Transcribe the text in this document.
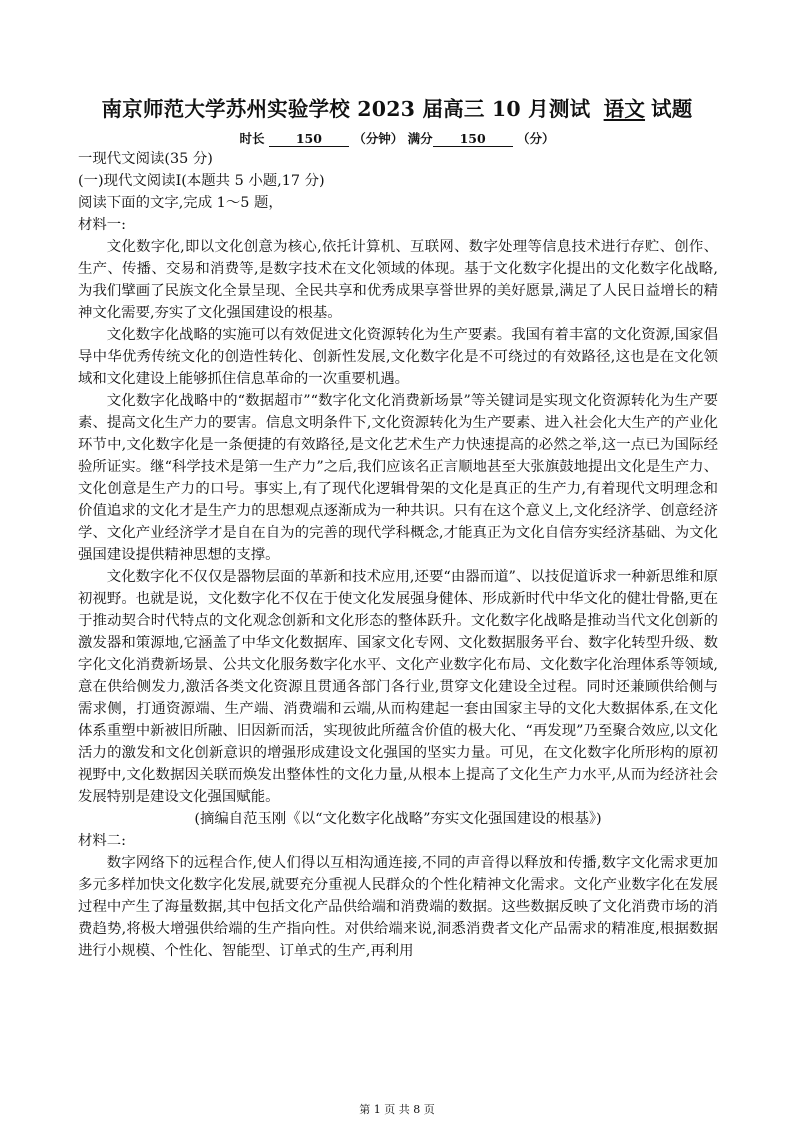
南京师范大学苏州实验学校 2023 届高三 10 月测试 语文 试题
时长	150	（分钟） 满分 150	（分）
一现代文阅读(35 分)
(一)现代文阅读Ⅰ(本题共 5 小题,17 分)
阅读下面的文字,完成 1～5 题，
材料一:

文化数字化,即以文化创意为核心,依托计算机、互联网、数字处理等信息技术进行存贮、创作、生产、传播、交易和消费等,是数字技术在文化领域的体现。基于文化数字化提出的文化数字化战略,为我们擘画了民族文化全景呈现、全民共享和优秀成果享誉世界的美好愿景,满足了人民日益增长的精神文化需要,夯实了文化强国建设的根基。

文化数字化战略的实施可以有效促进文化资源转化为生产要素。我国有着丰富的文化资源,国家倡导中华优秀传统文化的创造性转化、创新性发展,文化数字化是不可绕过的有效路径,这也是在文化领域和文化建设上能够抓住信息革命的一次重要机遇。

文化数字化战略中的“数据超市”“数字化文化消费新场景”等关键词是实现文化资源转化为生产要素、提高文化生产力的要害。信息文明条件下,文化资源转化为生产要素、进入社会化大生产的产业化环节中,文化数字化是一条便捷的有效路径,是文化艺术生产力快速提高的必然之举,这一点已为国际经验所证实。继“科学技术是第一生产力”之后,我们应该名正言顺地甚至大张旗鼓地提出文化是生产力、文化创意是生产力的口号。事实上,有了现代化逻辑骨架的文化是真正的生产力,有着现代文明理念和价值追求的文化才是生产力的思想观点逐渐成为一种共识。只有在这个意义上,文化经济学、创意经济学、文化产业经济学才是自在自为的完善的现代学科概念,才能真正为文化自信夯实经济基础、为文化强国建设提供精神思想的支撑。

文化数字化不仅仅是器物层面的革新和技术应用,还要“由器而道”、以技促道诉求一种新思维和原初视野。也就是说，文化数字化不仅在于使文化发展强身健体、形成新时代中华文化的健壮骨骼,更在于推动契合时代特点的文化观念创新和文化形态的整体跃升。文化数字化战略是推动当代文化创新的激发器和策源地,它涵盖了中华文化数据库、国家文化专网、文化数据服务平台、数字化转型升级、数字化文化消费新场景、公共文化服务数字化水平、文化产业数字化布局、文化数字化治理体系等领域,意在供给侧发力,激活各类文化资源且贯通各部门各行业,贯穿文化建设全过程。同时还兼顾供给侧与需求侧，打通资源端、生产端、消费端和云端,从而构建起一套由国家主导的文化大数据体系,在文化体系重塑中新被旧所融、旧因新而活，实现彼此所蕴含价值的极大化、“再发现”乃至聚合效应,以文化活力的激发和文化创新意识的增强形成建设文化强国的坚实力量。可见，在文化数字化所形构的原初视野中,文化数据因关联而焕发出整体性的文化力量,从根本上提高了文化生产力水平,从而为经济社会发展特别是建设文化强国赋能。

(摘编自范玉刚《以“文化数字化战略”夯实文化强国建设的根基》)
材料二:

数字网络下的远程合作,使人们得以互相沟通连接,不同的声音得以释放和传播,数字文化需求更加多元多样加快文化数字化发展,就要充分重视人民群众的个性化精神文化需求。文化产业数字化在发展过程中产生了海量数据,其中包括文化产品供给端和消费端的数据。这些数据反映了文化消费市场的消费趋势,将极大增强供给端的生产指向性。对供给端来说,洞悉消费者文化产品需求的精准度,根据数据进行小规模、个性化、智能型、订单式的生产,再利用

第 1 页 共 8 页
